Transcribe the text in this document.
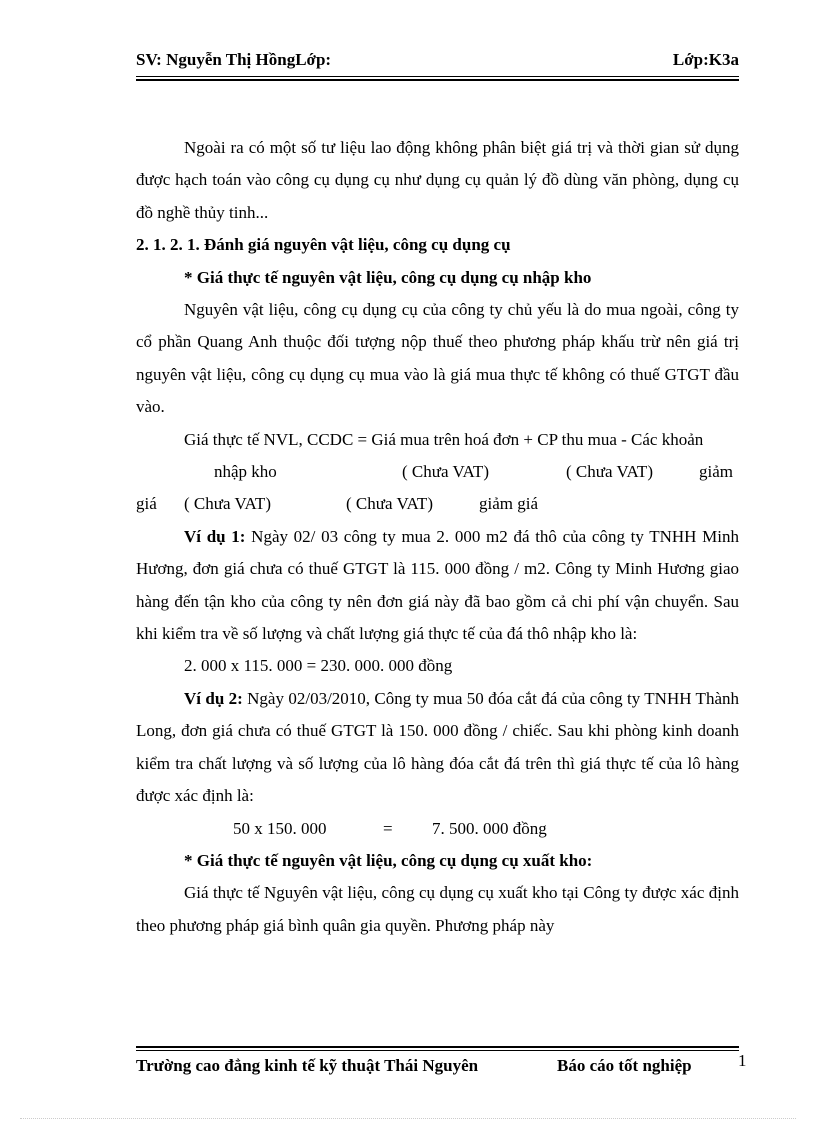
SV: Nguyễn Thị HồngLớp:	Lớp:K3a

Ngoài ra có một số tư liệu lao động không phân biệt giá trị và thời gian sử dụng được hạch toán vào công cụ dụng cụ như dụng cụ quản lý đồ dùng văn phòng, dụng cụ đồ nghề thủy tinh...

2. 1. 2. 1. Đánh giá nguyên vật liệu, công cụ dụng cụ

* Giá thực tế nguyên vật liệu, công cụ dụng cụ nhập kho

Nguyên vật liệu, công cụ dụng cụ của công ty chủ yếu là do mua ngoài, công ty cổ phần Quang Anh thuộc đối tượng nộp thuế theo phương pháp khấu trừ nên giá trị nguyên vật liệu, công cụ dụng cụ mua vào là giá mua thực tế không có thuế GTGT đầu vào.

Giá thực tế NVL, CCDC = Giá mua trên hoá đơn + CP thu mua - Các khoản

nhập kho	( Chưa VAT)	( Chưa VAT)	giảm
giá ( Chưa VAT)	( Chưa VAT)	giảm giá

Ví dụ 1: Ngày 02/ 03 công ty mua 2. 000 m2 đá thô của công ty TNHH Minh Hương, đơn giá chưa có thuế GTGT là 115. 000 đồng / m2. Công ty Minh Hương giao hàng đến tận kho của công ty nên đơn giá này đã bao gồm cả chi phí vận chuyển. Sau khi kiểm tra về số lượng và chất lượng giá thực tế của đá thô nhập kho là:

2. 000 x 115. 000 = 230. 000. 000 đồng

Ví dụ 2: Ngày 02/03/2010, Công ty mua 50 đóa cắt đá của công ty TNHH Thành Long, đơn giá chưa có thuế GTGT là 150. 000 đồng / chiếc. Sau khi phòng kinh doanh kiểm tra chất lượng và số lượng của lô hàng đóa cắt đá trên thì giá thực tế của lô hàng được xác định là:

50 x 150. 000	= 7. 500. 000 đồng

* Giá thực tế nguyên vật liệu, công cụ dụng cụ xuất kho:

Giá thực tế Nguyên vật liệu, công cụ dụng cụ xuất kho tại Công ty được xác định theo phương pháp giá bình quân gia quyền. Phương pháp này

Trường cao đẳng kinh tế kỹ thuật Thái Nguyên	Báo cáo tốt nghiệp	1
